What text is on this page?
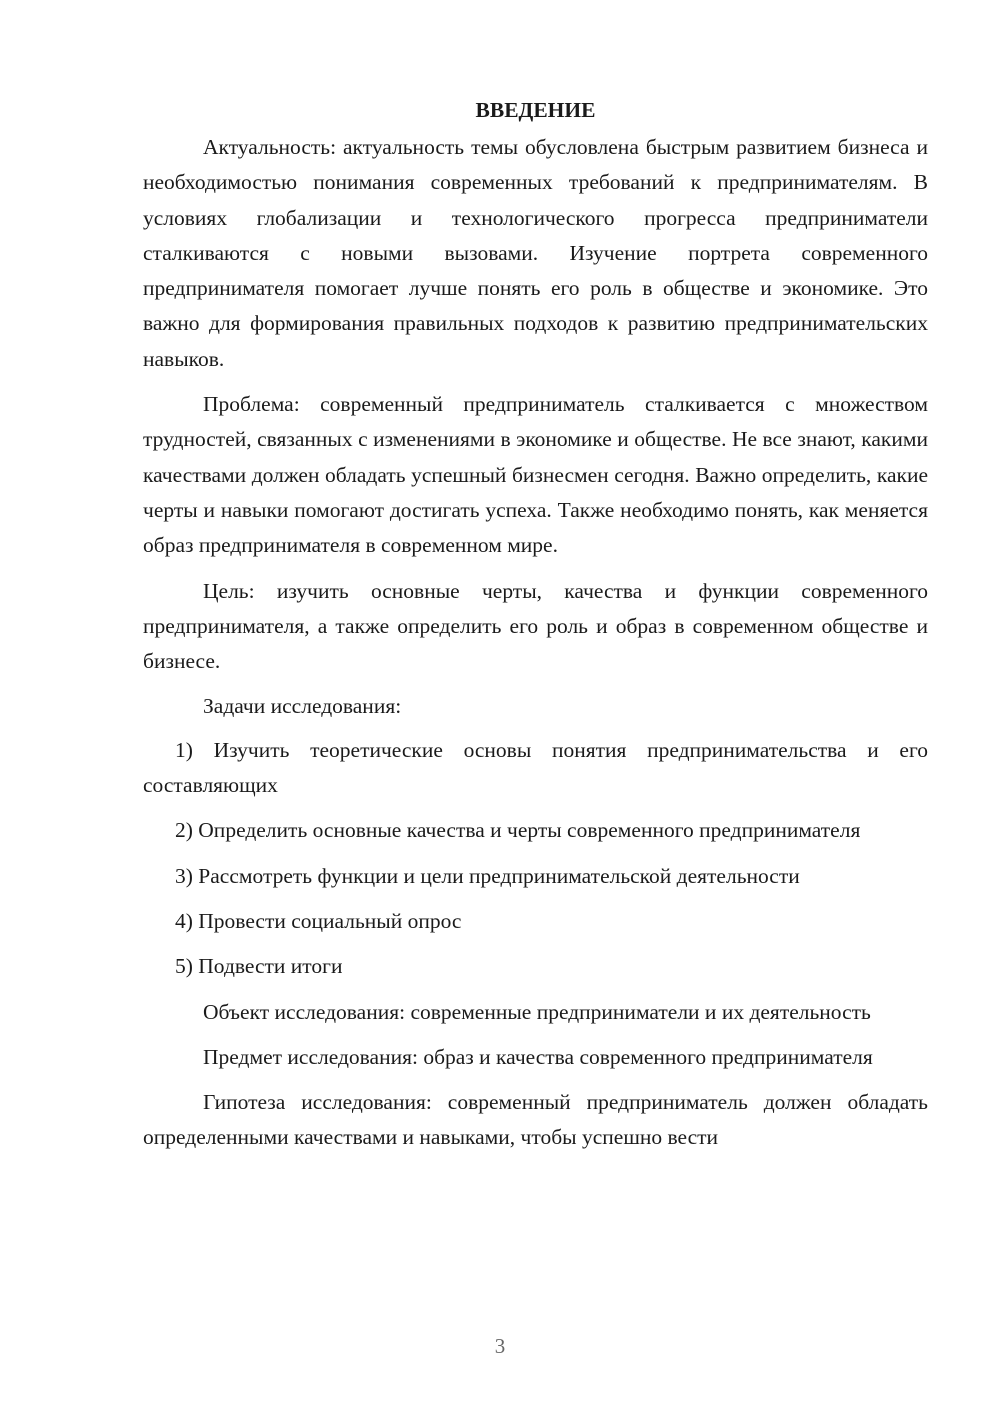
ВВЕДЕНИЕ

Актуальность: актуальность темы обусловлена быстрым развитием бизнеса и необходимостью понимания современных требований к предпринимателям. В условиях глобализации и технологического прогресса предприниматели сталкиваются с новыми вызовами. Изучение портрета современного предпринимателя помогает лучше понять его роль в обществе и экономике. Это важно для формирования правильных подходов к развитию предпринимательских навыков.

Проблема: современный предприниматель сталкивается с множеством трудностей, связанных с изменениями в экономике и обществе. Не все знают, какими качествами должен обладать успешный бизнесмен сегодня. Важно определить, какие черты и навыки помогают достигать успеха. Также необходимо понять, как меняется образ предпринимателя в современном мире.

Цель: изучить основные черты, качества и функции современного предпринимателя, а также определить его роль и образ в современном обществе и бизнесе.

Задачи исследования:

1) Изучить теоретические основы понятия предпринимательства и его составляющих

2) Определить основные качества и черты современного предпринимателя

3) Рассмотреть функции и цели предпринимательской деятельности

4) Провести социальный опрос

5) Подвести итоги

Объект исследования: современные предприниматели и их деятельность

Предмет исследования: образ и качества современного предпринимателя

Гипотеза исследования: современный предприниматель должен обладать определенными качествами и навыками, чтобы успешно вести

3
